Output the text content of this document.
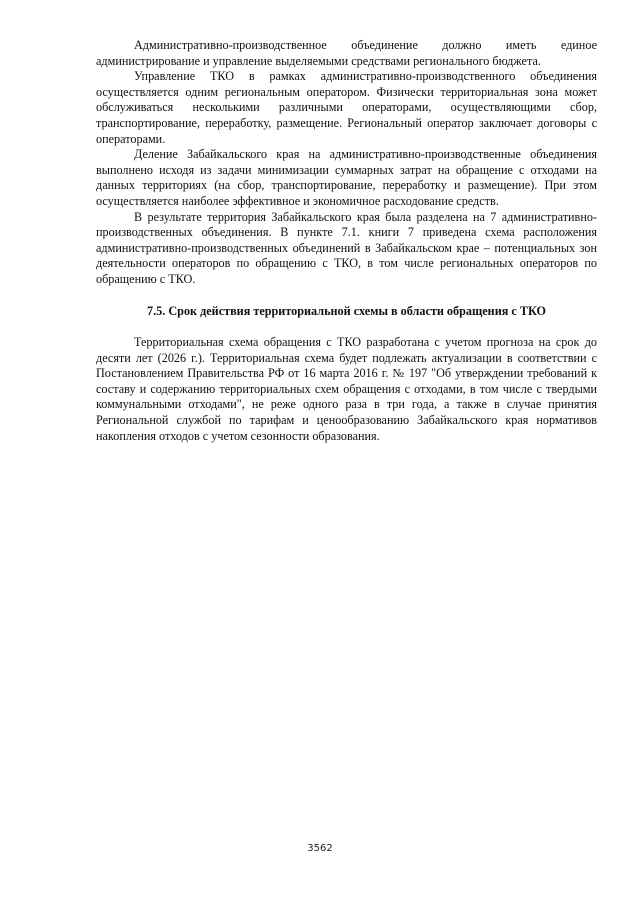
Административно-производственное объединение должно иметь единое администрирование и управление выделяемыми средствами регионального бюджета.

Управление ТКО в рамках административно-производственного объединения осуществляется одним региональным оператором. Физически территориальная зона может обслуживаться несколькими различными операторами, осуществляющими сбор, транспортирование, переработку, размещение. Региональный оператор заключает договоры с операторами.

Деление Забайкальского края на административно-производственные объединения выполнено исходя из задачи минимизации суммарных затрат на обращение с отходами на данных территориях (на сбор, транспортирование, переработку и размещение). При этом осуществляется наиболее эффективное и экономичное расходование средств.

В результате территория Забайкальского края была разделена на 7 административно-производственных объединения. В пункте 7.1. книги 7 приведена схема расположения административно-производственных объединений в Забайкальском крае – потенциальных зон деятельности операторов по обращению с ТКО, в том числе региональных операторов по обращению с ТКО.

7.5. Срок действия территориальной схемы в области обращения с ТКО

Территориальная схема обращения с ТКО разработана с учетом прогноза на срок до десяти лет (2026 г.). Территориальная схема будет подлежать актуализации в соответствии с Постановлением Правительства РФ от 16 марта 2016 г. № 197 "Об утверждении требований к составу и содержанию территориальных схем обращения с отходами, в том числе с твердыми коммунальными отходами", не реже одного раза в три года, а также в случае принятия Региональной службой по тарифам и ценообразованию Забайкальского края нормативов накопления отходов с учетом сезонности образования.

3562
